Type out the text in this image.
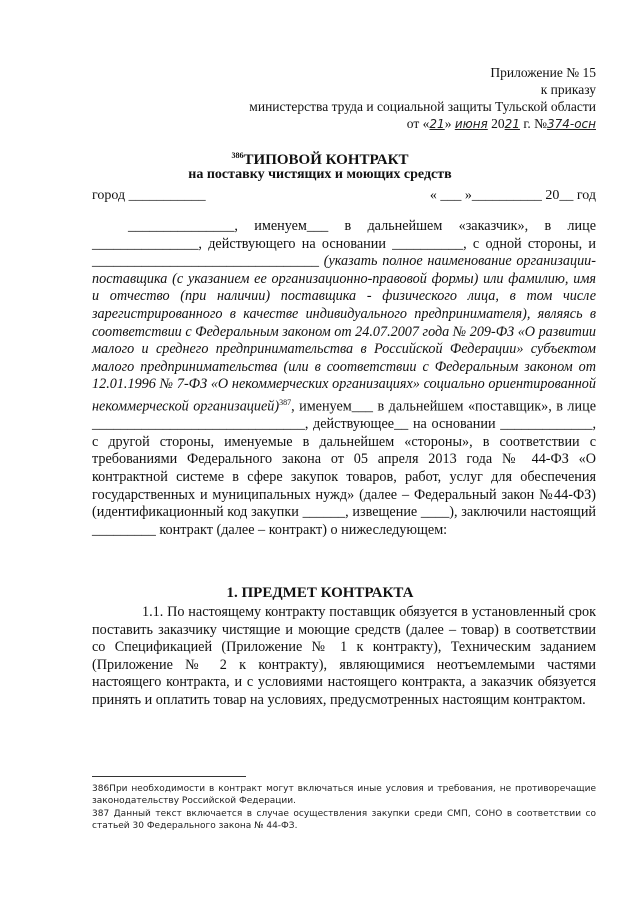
Приложение № 15
к приказу
министерства труда и социальной защиты Тульской области
от «21» июня 2021 г. №374-осн
$^{386}$ТИПОВОЙ КОНТРАКТ
на поставку чистящих и моющих средств
город ___________	« ___ »__________ 20__ год

_______________, именуем___ в дальнейшем «заказчик», в лице _______________, действующего на основании __________, с одной стороны, и ________________________________ (указать полное наименование организации-поставщика (с указанием ее организационно-правовой формы) или фамилию, имя и отчество (при наличии) поставщика - физического лица, в том числе зарегистрированного в качестве индивидуального предпринимателя), являясь в соответствии с Федеральным законом от 24.07.2007 года № 209-ФЗ «О развитии малого и среднего предпринимательства в Российской Федерации» субъектом малого предпринимательства (или в соответствии с Федеральным законом от 12.01.1996 № 7-ФЗ «О некоммерческих организациях» социально ориентированной некоммерческой организацией)$^{387}$, именуем___ в дальнейшем «поставщик», в лице ______________________________, действующее__ на основании _____________, с другой стороны, именуемые в дальнейшем «стороны», в соответствии с требованиями Федерального закона от 05 апреля 2013 года № 44-ФЗ «О контрактной системе в сфере закупок товаров, работ, услуг для обеспечения государственных и муниципальных нужд» (далее – Федеральный закон №44-ФЗ) (идентификационный код закупки ______, извещение ____), заключили настоящий _________ контракт (далее – контракт) о нижеследующем:

1. ПРЕДМЕТ КОНТРАКТА

1.1. По настоящему контракту поставщик обязуется в установленный срок поставить заказчику чистящие и моющие средств (далее – товар) в соответствии со Спецификацией (Приложение № 1 к контракту), Техническим заданием (Приложение № 2 к контракту), являющимися неотъемлемыми частями настоящего контракта, и с условиями настоящего контракта, а заказчик обязуется принять и оплатить товар на условиях, предусмотренных настоящим контрактом.

386При необходимости в контракт могут включаться иные условия и требования, не противоречащие законодательству Российской Федерации.

387 Данный текст включается в случае осуществления закупки среди СМП, СОНО в соответствии со статьей 30 Федерального закона № 44-ФЗ.
